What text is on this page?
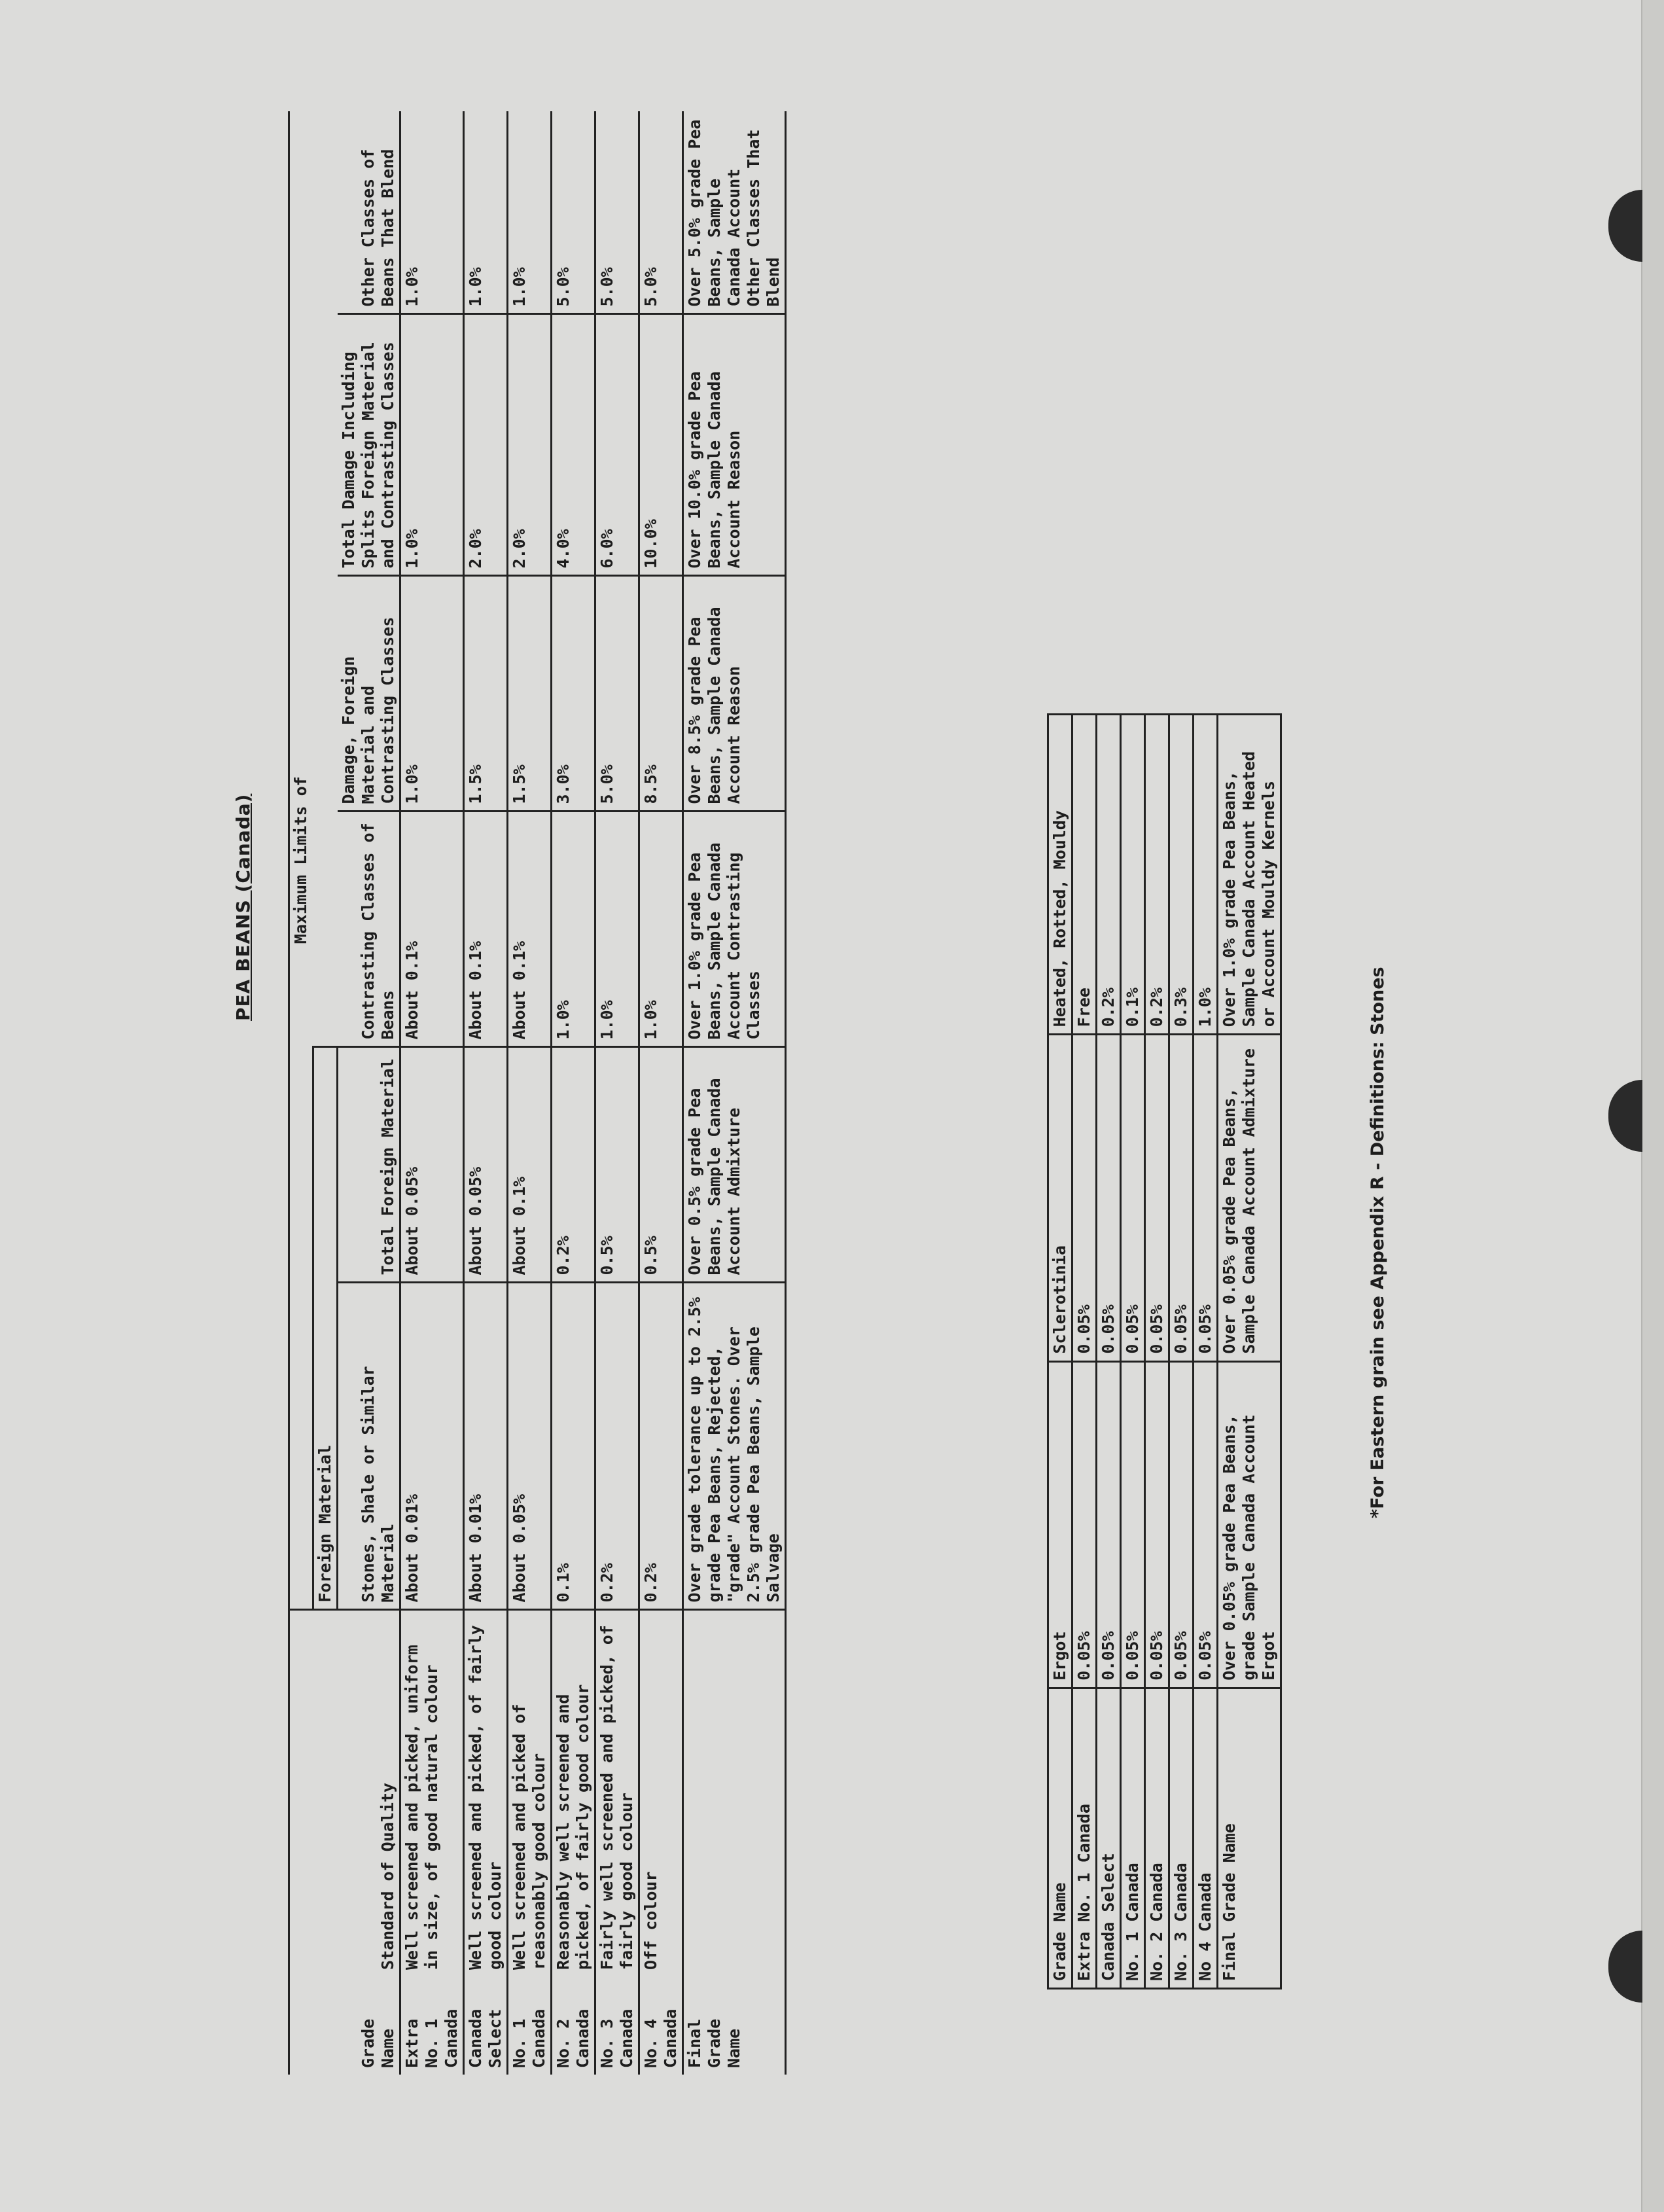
PEA BEANS (Canada)
		Maximum Limits of					
		Foreign Material					
Grade Name	Standard of Quality	Stones, Shale or Similar Material	Total Foreign Material	Contrasting Classes of Beans	Damage, Foreign Material and Contrasting Classes	Total Damage Including Splits Foreign Material and Contrasting Classes	Other Classes of Beans That Blend
Extra No. 1 Canada	Well screened and picked, uniform in size, of good natural colour	About 0.01%	About 0.05%	About 0.1%	1.0%	1.0%	1.0%
Canada Select	Well screened and picked, of fairly good colour	About 0.01%	About 0.05%	About 0.1%	1.5%	2.0%	1.0%
No. 1 Canada	Well screened and picked of reasonably good colour	About 0.05%	About 0.1%	About 0.1%	1.5%	2.0%	1.0%
No. 2 Canada	Reasonably well screened and picked, of fairly good colour	0.1%	0.2%	1.0%	3.0%	4.0%	5.0%
No. 3 Canada	Fairly well screened and picked, of fairly good colour	0.2%	0.5%	1.0%	5.0%	6.0%	5.0%
No. 4 Canada	Off colour	0.2%	0.5%	1.0%	8.5%	10.0%	5.0%
Final Grade Name		Over grade tolerance up to 2.5% grade Pea Beans, Rejected, "grade" Account Stones. Over 2.5% grade Pea Beans, Sample Salvage	Over 0.5% grade Pea Beans, Sample Canada Account Admixture	Over 1.0% grade Pea Beans, Sample Canada Account Contrasting Classes	Over 8.5% grade Pea Beans, Sample Canada Account Reason	Over 10.0% grade Pea Beans, Sample Canada Account Reason	Over 5.0% grade Pea Beans, Sample Canada Account Other Classes That Blend
Grade Name	Ergot	Sclerotinia	Heated, Rotted, Mouldy
Extra No. 1 Canada	0.05%	0.05%	Free
Canada Select	0.05%	0.05%	0.2%
No. 1 Canada	0.05%	0.05%	0.1%
No. 2 Canada	0.05%	0.05%	0.2%
No. 3 Canada	0.05%	0.05%	0.3%
No 4 Canada	0.05%	0.05%	1.0%
Final Grade Name	Over 0.05% grade Pea Beans, grade Sample Canada Account Ergot	Over 0.05% grade Pea Beans, Sample Canada Account Admixture	Over 1.0% grade Pea Beans, Sample Canada Account Heated or Account Mouldy Kernels
*For Eastern grain see Appendix R - Definitions: Stones
